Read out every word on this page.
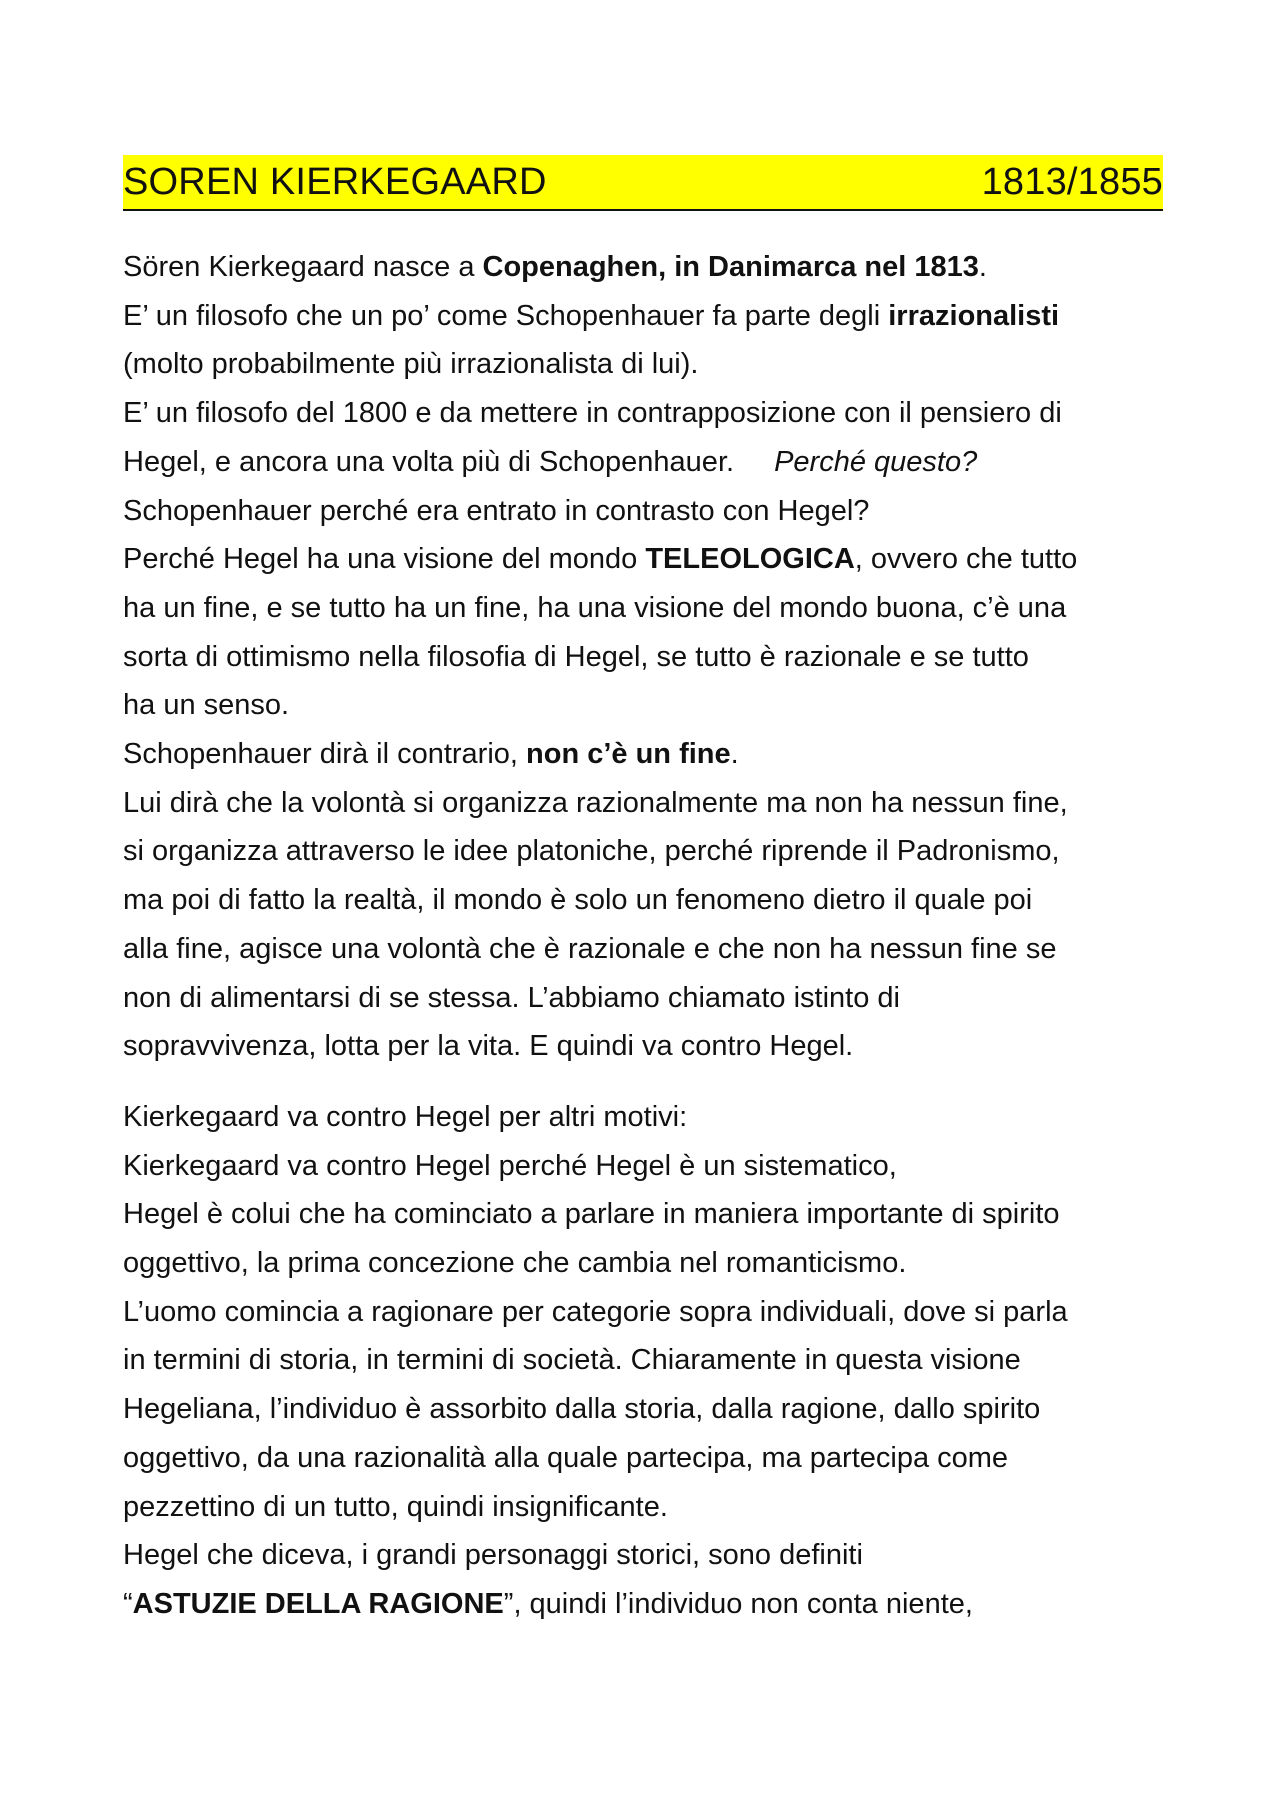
SOREN KIERKEGAARD	1813/1855

Sören Kierkegaard nasce a Copenaghen, in Danimarca nel 1813.

E’ un filosofo che un po’ come Schopenhauer fa parte degli irrazionalisti

(molto probabilmente più irrazionalista di lui).

E’ un filosofo del 1800 e da mettere in contrapposizione con il pensiero di

Hegel, e ancora una volta più di Schopenhauer. Perché questo?

Schopenhauer perché era entrato in contrasto con Hegel?

Perché Hegel ha una visione del mondo TELEOLOGICA, ovvero che tutto

ha un fine, e se tutto ha un fine, ha una visione del mondo buona, c’è una

sorta di ottimismo nella filosofia di Hegel, se tutto è razionale e se tutto

ha un senso.

Schopenhauer dirà il contrario, non c’è un fine.

Lui dirà che la volontà si organizza razionalmente ma non ha nessun fine,

si organizza attraverso le idee platoniche, perché riprende il Padronismo,

ma poi di fatto la realtà, il mondo è solo un fenomeno dietro il quale poi

alla fine, agisce una volontà che è razionale e che non ha nessun fine se

non di alimentarsi di se stessa. L’abbiamo chiamato istinto di

sopravvivenza, lotta per la vita. E quindi va contro Hegel.

Kierkegaard va contro Hegel per altri motivi:

Kierkegaard va contro Hegel perché Hegel è un sistematico,

Hegel è colui che ha cominciato a parlare in maniera importante di spirito

oggettivo, la prima concezione che cambia nel romanticismo.

L’uomo comincia a ragionare per categorie sopra individuali, dove si parla

in termini di storia, in termini di società. Chiaramente in questa visione

Hegeliana, l’individuo è assorbito dalla storia, dalla ragione, dallo spirito

oggettivo, da una razionalità alla quale partecipa, ma partecipa come

pezzettino di un tutto, quindi insignificante.

Hegel che diceva, i grandi personaggi storici, sono definiti

“ASTUZIE DELLA RAGIONE”, quindi l’individuo non conta niente,
